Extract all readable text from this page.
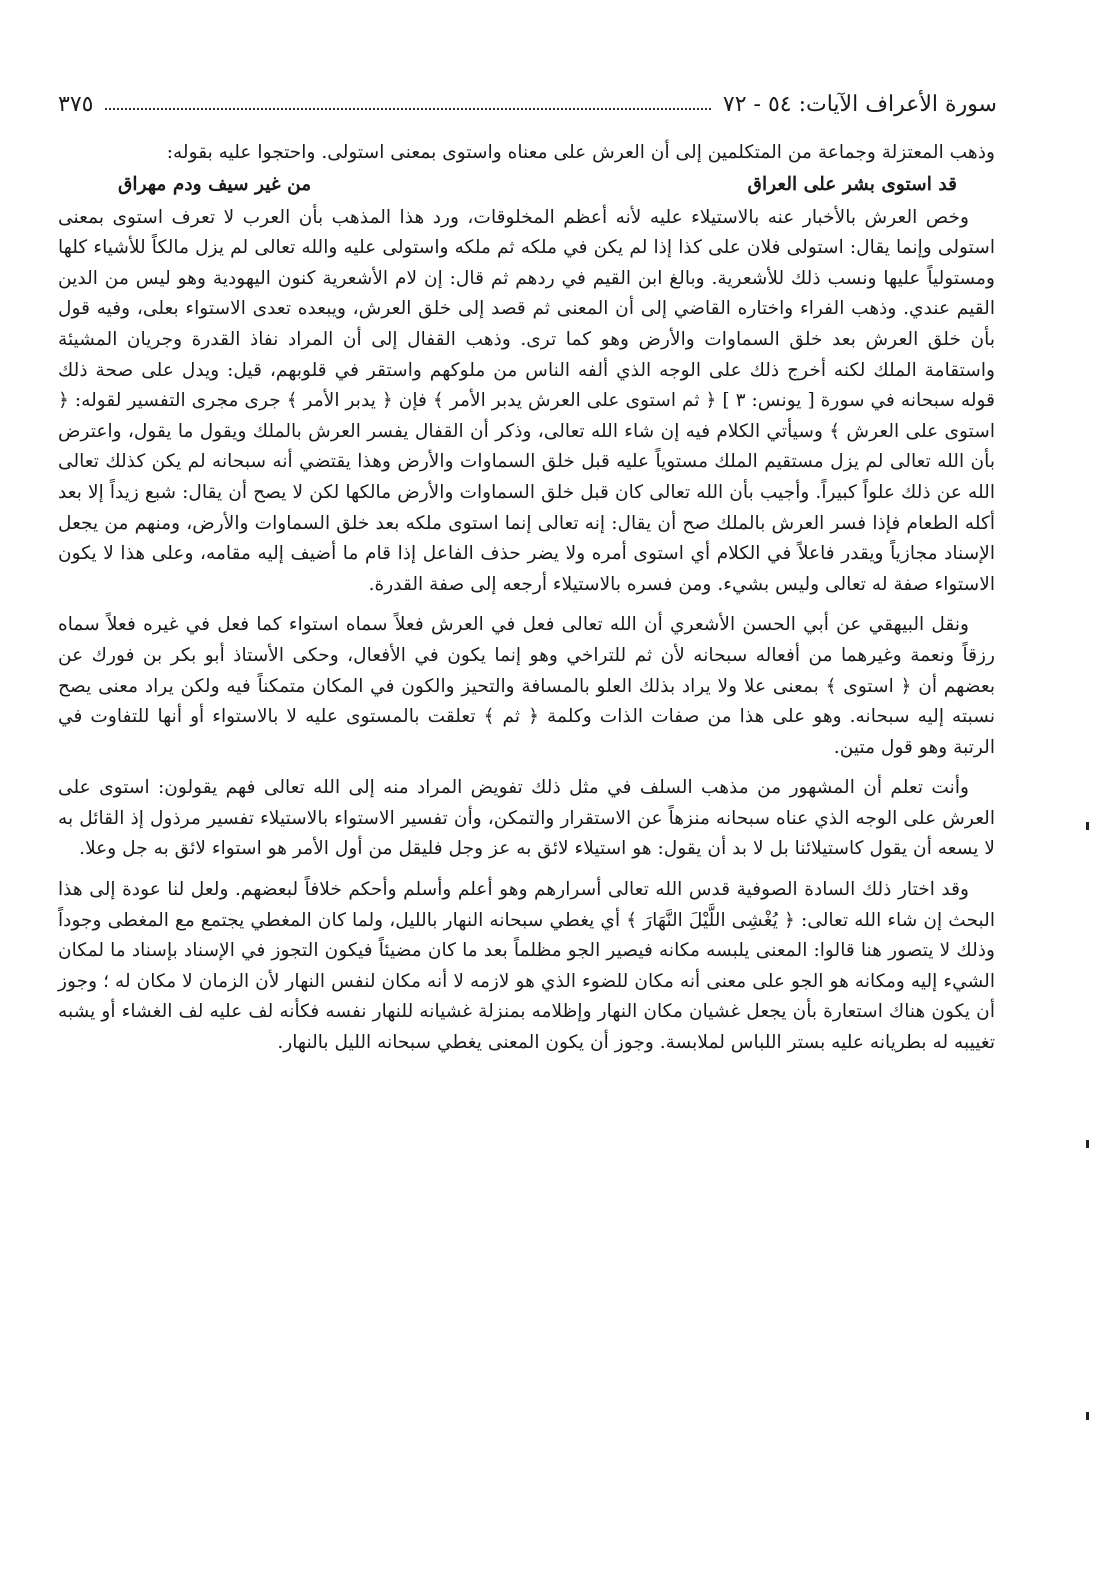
سورة الأعراف الآيات: ٥٤ - ٧٢
٣٧٥

وذهب المعتزلة وجماعة من المتكلمين إلى أن العرش على معناه واستوى بمعنى استولى. واحتجوا عليه بقوله:

قد استوى بشر على العراق
من غير سيف ودم مهراق

وخص العرش بالأخبار عنه بالاستيلاء عليه لأنه أعظم المخلوقات، ورد هذا المذهب بأن العرب لا تعرف استوى بمعنى استولى وإنما يقال: استولى فلان على كذا إذا لم يكن في ملكه ثم ملكه واستولى عليه والله تعالى لم يزل مالكاً للأشياء كلها ومستولياً عليها ونسب ذلك للأشعرية. وبالغ ابن القيم في ردهم ثم قال: إن لام الأشعرية كنون اليهودية وهو ليس من الدين القيم عندي. وذهب الفراء واختاره القاضي إلى أن المعنى ثم قصد إلى خلق العرش، ويبعده تعدى الاستواء بعلى، وفيه قول بأن خلق العرش بعد خلق السماوات والأرض وهو كما ترى. وذهب القفال إلى أن المراد نفاذ القدرة وجريان المشيئة واستقامة الملك لكنه أخرج ذلك على الوجه الذي ألفه الناس من ملوكهم واستقر في قلوبهم، قيل: ويدل على صحة ذلك قوله سبحانه في سورة [ يونس: ٣ ] ﴿ ثم استوى على العرش يدبر الأمر ﴾ فإن ﴿ يدبر الأمر ﴾ جرى مجرى التفسير لقوله: ﴿ استوى على العرش ﴾ وسيأتي الكلام فيه إن شاء الله تعالى، وذكر أن القفال يفسر العرش بالملك ويقول ما يقول، واعترض بأن الله تعالى لم يزل مستقيم الملك مستوياً عليه قبل خلق السماوات والأرض وهذا يقتضي أنه سبحانه لم يكن كذلك تعالى الله عن ذلك علواً كبيراً. وأجيب بأن الله تعالى كان قبل خلق السماوات والأرض مالكها لكن لا يصح أن يقال: شبع زيداً إلا بعد أكله الطعام فإذا فسر العرش بالملك صح أن يقال: إنه تعالى إنما استوى ملكه بعد خلق السماوات والأرض، ومنهم من يجعل الإسناد مجازياً ويقدر فاعلاً في الكلام أي استوى أمره ولا يضر حذف الفاعل إذا قام ما أضيف إليه مقامه، وعلى هذا لا يكون الاستواء صفة له تعالى وليس بشيء. ومن فسره بالاستيلاء أرجعه إلى صفة القدرة.

ونقل البيهقي عن أبي الحسن الأشعري أن الله تعالى فعل في العرش فعلاً سماه استواء كما فعل في غيره فعلاً سماه رزقاً ونعمة وغيرهما من أفعاله سبحانه لأن ثم للتراخي وهو إنما يكون في الأفعال، وحكى الأستاذ أبو بكر بن فورك عن بعضهم أن ﴿ استوى ﴾ بمعنى علا ولا يراد بذلك العلو بالمسافة والتحيز والكون في المكان متمكناً فيه ولكن يراد معنى يصح نسبته إليه سبحانه. وهو على هذا من صفات الذات وكلمة ﴿ ثم ﴾ تعلقت بالمستوى عليه لا بالاستواء أو أنها للتفاوت في الرتبة وهو قول متين.

وأنت تعلم أن المشهور من مذهب السلف في مثل ذلك تفويض المراد منه إلى الله تعالى فهم يقولون: استوى على العرش على الوجه الذي عناه سبحانه منزهاً عن الاستقرار والتمكن، وأن تفسير الاستواء بالاستيلاء تفسير مرذول إذ القائل به لا يسعه أن يقول كاستيلائنا بل لا بد أن يقول: هو استيلاء لائق به عز وجل فليقل من أول الأمر هو استواء لائق به جل وعلا.

وقد اختار ذلك السادة الصوفية قدس الله تعالى أسرارهم وهو أعلم وأسلم وأحكم خلافاً لبعضهم. ولعل لنا عودة إلى هذا البحث إن شاء الله تعالى: ﴿ يُغْشِى اللَّيْلَ النَّهَارَ ﴾ أي يغطي سبحانه النهار بالليل، ولما كان المغطي يجتمع مع المغطى وجوداً وذلك لا يتصور هنا قالوا: المعنى يلبسه مكانه فيصير الجو مظلماً بعد ما كان مضيئاً فيكون التجوز في الإسناد بإسناد ما لمكان الشيء إليه ومكانه هو الجو على معنى أنه مكان للضوء الذي هو لازمه لا أنه مكان لنفس النهار لأن الزمان لا مكان له ؛ وجوز أن يكون هناك استعارة بأن يجعل غشيان مكان النهار وإظلامه بمنزلة غشيانه للنهار نفسه فكأنه لف عليه لف الغشاء أو يشبه تغييبه له بطريانه عليه بستر اللباس لملابسة. وجوز أن يكون المعنى يغطي سبحانه الليل بالنهار.
